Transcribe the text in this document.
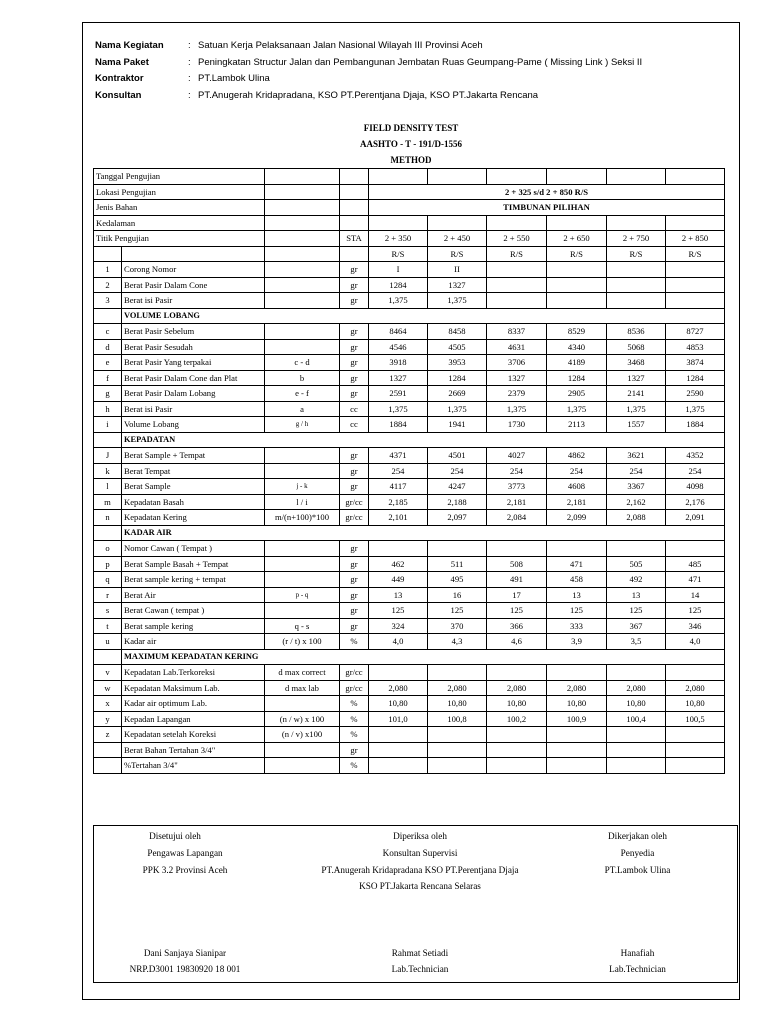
Nama Kegiatan	: Satuan Kerja Pelaksanaan Jalan Nasional Wilayah III Provinsi Aceh
Nama Paket	: Peningkatan Structur Jalan dan Pembangunan Jembatan Ruas Geumpang-Pame ( Missing Link ) Seksi II
Kontraktor	: PT.Lambok Ulina
Konsultan	: PT.Anugerah Kridapradana, KSO PT.Perentjana Djaja, KSO PT.Jakarta Rencana
FIELD DENSITY TEST
AASHTO - T - 191/D-1556
METHOD
Tanggal Pengujian									
Lokasi Pengujian				2 + 325 s/d 2 + 850 R/S					
Jenis Bahan				TIMBUNAN PILIHAN					
Kedalaman									
Titik Pengujian			STA	2 + 350	2 + 450	2 + 550	2 + 650	2 + 750	2 + 850
				R/S	R/S	R/S	R/S	R/S	R/S
1	Corong Nomor		gr	I	II				
2	Berat Pasir Dalam Cone		gr	1284	1327				
3	Berat isi Pasir		gr	1,375	1,375				
	VOLUME LOBANG								
c	Berat Pasir Sebelum		gr	8464	8458	8337	8529	8536	8727
d	Berat Pasir Sesudah		gr	4546	4505	4631	4340	5068	4853
e	Berat Pasir Yang terpakai	c - d	gr	3918	3953	3706	4189	3468	3874
f	Berat Pasir Dalam Cone dan Plat	b	gr	1327	1284	1327	1284	1327	1284
g	Berat Pasir Dalam Lobang	e - f	gr	2591	2669	2379	2905	2141	2590
h	Berat isi Pasir	a	cc	1,375	1,375	1,375	1,375	1,375	1,375
i	Volume Lobang	g / h	cc	1884	1941	1730	2113	1557	1884
	KEPADATAN								
J	Berat Sample + Tempat		gr	4371	4501	4027	4862	3621	4352
k	Berat Tempat		gr	254	254	254	254	254	254
l	Berat Sample	j - k	gr	4117	4247	3773	4608	3367	4098
m	Kepadatan Basah	l / i	gr/cc	2,185	2,188	2,181	2,181	2,162	2,176
n	Kepadatan Kering	m/(n+100)*100	gr/cc	2,101	2,097	2,084	2,099	2,088	2,091
	KADAR AIR								
o	Nomor Cawan ( Tempat )		gr						
p	Berat Sample Basah + Tempat		gr	462	511	508	471	505	485
q	Berat sample kering + tempat		gr	449	495	491	458	492	471
r	Berat Air	p - q	gr	13	16	17	13	13	14
s	Berat Cawan ( tempat )		gr	125	125	125	125	125	125
t	Berat sample kering	q - s	gr	324	370	366	333	367	346
u	Kadar air	(r / t) x 100	%	4,0	4,3	4,6	3,9	3,5	4,0
	MAXIMUM KEPADATAN KERING								
v	Kepadatan Lab.Terkoreksi	d max correct	gr/cc						
w	Kepadatan Maksimum Lab.	d max lab	gr/cc	2,080	2,080	2,080	2,080	2,080	2,080
x	Kadar air optimum Lab.		%	10,80	10,80	10,80	10,80	10,80	10,80
y	Kepadan Lapangan	(n / w) x 100	%	101,0	100,8	100,2	100,9	100,4	100,5
z	Kepadatan setelah Koreksi	(n / v) x100	%						
	Berat Bahan Tertahan 3/4"		gr						
	%Tertahan 3/4"		%						
Disetujui oleh
Pengawas Lapangan
PPK 3.2 Provinsi Aceh
Dani Sanjaya Sianipar
NRP.D3001 19830920 18 001
Diperiksa oleh
Konsultan Supervisi
PT.Anugerah Kridapradana KSO PT.Perentjana Djaja
KSO PT.Jakarta Rencana Selaras
Rahmat Setiadi
Lab.Technician
Dikerjakan oleh
Penyedia
PT.Lambok Ulina
Hanafiah
Lab.Technician
